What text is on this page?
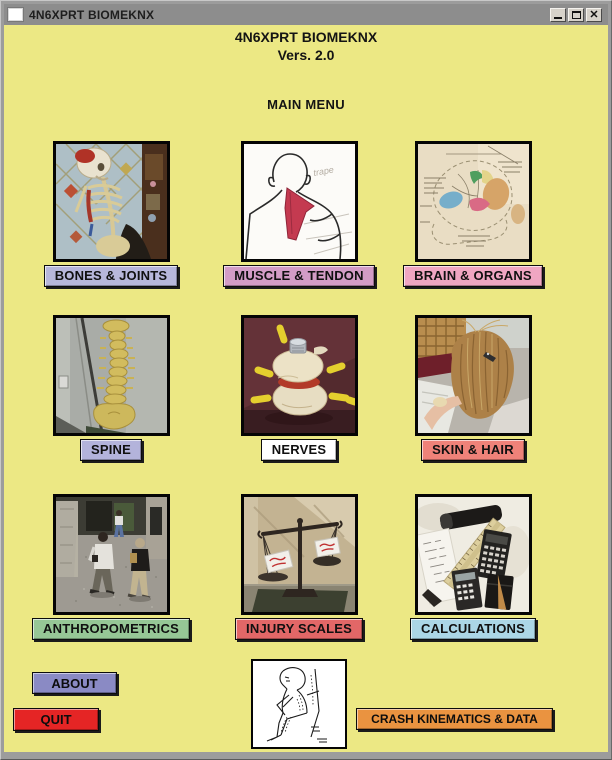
4N6XPRT BIOMEKNX	✕
4N6XPRT BIOMEKNX
Vers. 2.0
MAIN MENU
BONES & JOINTS
trape
MUSCLE & TENDON	BRAIN & ORGANS
SPINE	NERVES	SKIN & HAIR
ANTHROPOMETRICS	INJURY SCALES	CALCULATIONS
ABOUT
QUIT	CRASH KINEMATICS & DATA
